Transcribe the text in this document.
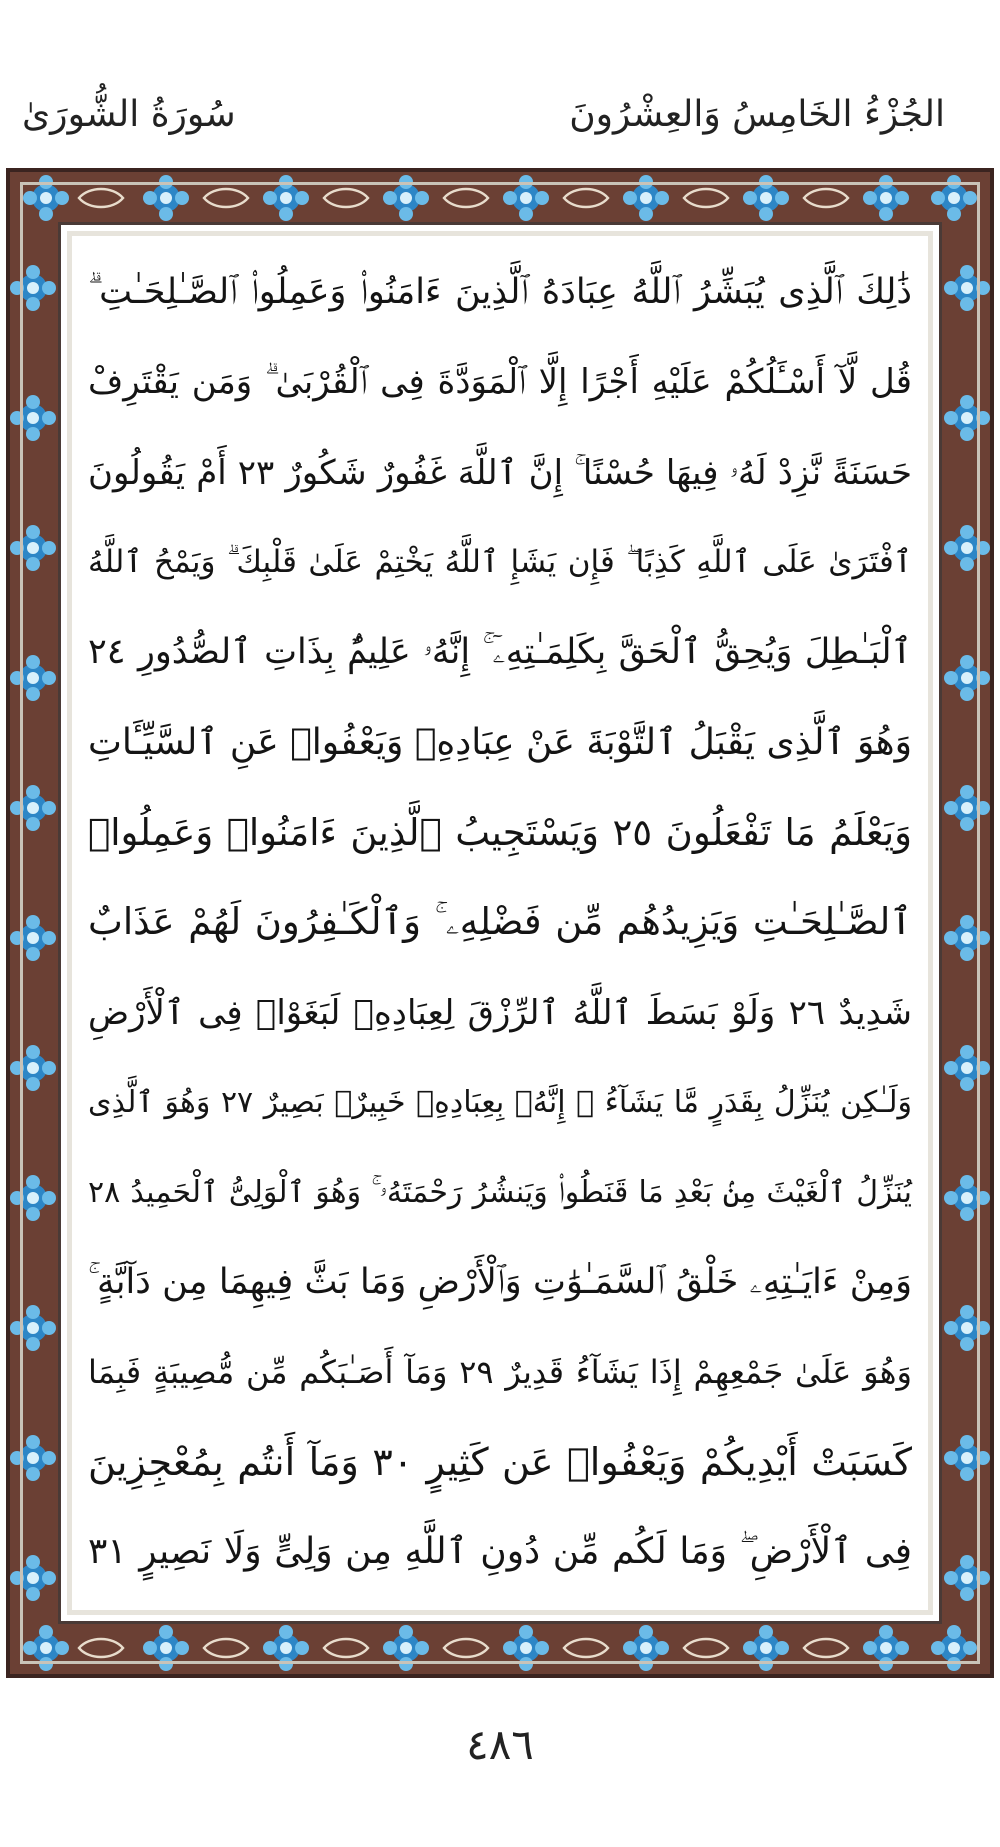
سُورَةُ الشُّورَىٰ	الجُزْءُ الخَامِسُ وَالعِشْرُونَ
ذَٰلِكَ ٱلَّذِى يُبَشِّرُ ٱللَّهُ عِبَادَهُ ٱلَّذِينَ ءَامَنُوا۟ وَعَمِلُوا۟ ٱلصَّـٰلِحَـٰتِ ۗ
قُل لَّآ أَسْـَٔلُكُمْ عَلَيْهِ أَجْرًا إِلَّا ٱلْمَوَدَّةَ فِى ٱلْقُرْبَىٰ ۗ وَمَن يَقْتَرِفْ
حَسَنَةً نَّزِدْ لَهُۥ فِيهَا حُسْنًا ۚ إِنَّ ٱللَّهَ غَفُورٌ شَكُورٌ ٢٣ أَمْ يَقُولُونَ
ٱفْتَرَىٰ عَلَى ٱللَّهِ كَذِبًا ۖ فَإِن يَشَإِ ٱللَّهُ يَخْتِمْ عَلَىٰ قَلْبِكَ ۗ وَيَمْحُ ٱللَّهُ
ٱلْبَـٰطِلَ وَيُحِقُّ ٱلْحَقَّ بِكَلِمَـٰتِهِۦٓ ۚ إِنَّهُۥ عَلِيمٌۢ بِذَاتِ ٱلصُّدُورِ ٢٤
وَهُوَ ٱلَّذِى يَقْبَلُ ٱلتَّوْبَةَ عَنْ عِبَادِهِۦ وَيَعْفُوا۟ عَنِ ٱلسَّيِّـَٔاتِ
وَيَعْلَمُ مَا تَفْعَلُونَ ٢٥ وَيَسْتَجِيبُ ٱلَّذِينَ ءَامَنُوا۟ وَعَمِلُوا۟
ٱلصَّـٰلِحَـٰتِ وَيَزِيدُهُم مِّن فَضْلِهِۦ ۚ وَٱلْكَـٰفِرُونَ لَهُمْ عَذَابٌ
شَدِيدٌ ٢٦ وَلَوْ بَسَطَ ٱللَّهُ ٱلرِّزْقَ لِعِبَادِهِۦ لَبَغَوْا۟ فِى ٱلْأَرْضِ
وَلَـٰكِن يُنَزِّلُ بِقَدَرٍ مَّا يَشَآءُ ۚ إِنَّهُۥ بِعِبَادِهِۦ خَبِيرٌۢ بَصِيرٌ ٢٧ وَهُوَ ٱلَّذِى
يُنَزِّلُ ٱلْغَيْثَ مِنۢ بَعْدِ مَا قَنَطُوا۟ وَيَنشُرُ رَحْمَتَهُۥ ۚ وَهُوَ ٱلْوَلِىُّ ٱلْحَمِيدُ ٢٨
وَمِنْ ءَايَـٰتِهِۦ خَلْقُ ٱلسَّمَـٰوَٰتِ وَٱلْأَرْضِ وَمَا بَثَّ فِيهِمَا مِن دَآبَّةٍ ۚ
وَهُوَ عَلَىٰ جَمْعِهِمْ إِذَا يَشَآءُ قَدِيرٌ ٢٩ وَمَآ أَصَـٰبَكُم مِّن مُّصِيبَةٍ فَبِمَا
كَسَبَتْ أَيْدِيكُمْ وَيَعْفُوا۟ عَن كَثِيرٍ ٣٠ وَمَآ أَنتُم بِمُعْجِزِينَ
فِى ٱلْأَرْضِ ۖ وَمَا لَكُم مِّن دُونِ ٱللَّهِ مِن وَلِىٍّ وَلَا نَصِيرٍ ٣١
٤٨٦
